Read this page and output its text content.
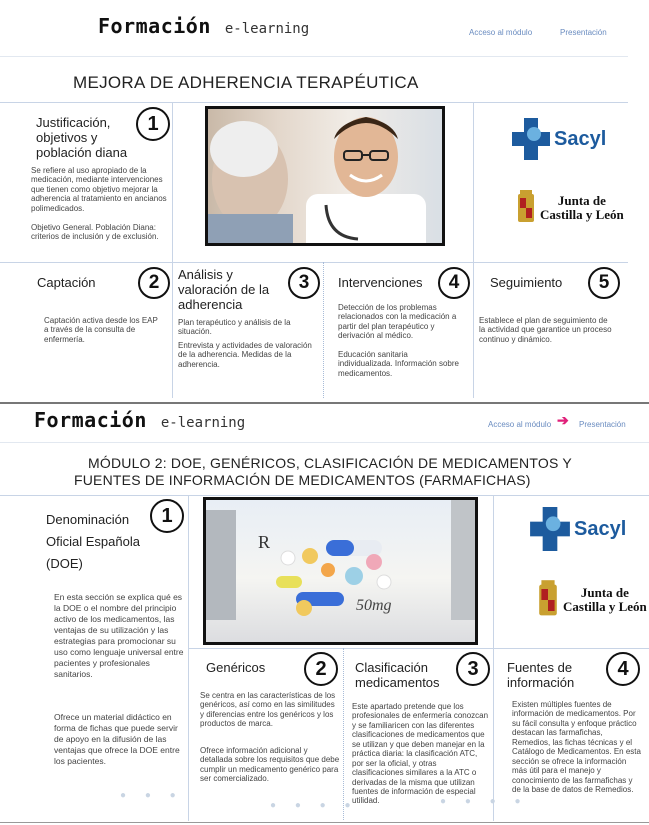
Formación e-learning	Acceso al módulo	Presentación
MEJORA DE ADHERENCIA TERAPÉUTICA
Justificación, objetivos y población diana
1
Se refiere al uso apropiado de la medicación, mediante intervenciones que tienen como objetivo mejorar la adherencia al tratamiento en ancianos polimedicados.
Objetivo General. Población Diana: criterios de inclusión y de exclusión.
Sacyl
Junta de
Castilla y León
Captación	2
Captación activa desde los EAP a través de la consulta de enfermería.
Análisis y valoración de la adherencia
3
Plan terapéutico y análisis de la situación.
Entrevista y actividades de valoración de la adherencia. Medidas de la adherencia.
Intervenciones	4
Detección de los problemas relacionados con la medicación a partir del plan terapéutico y derivación al médico.
Educación sanitaria individualizada. Información sobre medicamentos.
Seguimiento	5
Establece el plan de seguimiento de la actividad que garantice un proceso continuo y dinámico.
Formación e-learning	Acceso al módulo ➔ Presentación
MÓDULO 2: DOE, GENÉRICOS, CLASIFICACIÓN DE MEDICAMENTOS Y
FUENTES DE INFORMACIÓN DE MEDICAMENTOS (FARMAFICHAS)
Denominación Oficial Española (DOE)
1
En esta sección se explica qué es la DOE o el nombre del principio activo de los medicamentos, las ventajas de su utilización y las estrategias para promocionar su uso como lenguaje universal entre pacientes y profesionales sanitarios.
Ofrece un material didáctico en forma de fichas que puede servir de apoyo en la difusión de las ventajas que ofrece la DOE entre los pacientes.
R
50mg
Sacyl
Junta de
Castilla y León
Genéricos	2
Se centra en las características de los genéricos, así como en las similitudes y diferencias entre los genéricos y los productos de marca.
Ofrece información adicional y detallada sobre los requisitos que debe cumplir un medicamento genérico para ser comercializado.
Clasificación medicamentos
3
Este apartado pretende que los profesionales de enfermería conozcan y se familiaricen con las diferentes clasificaciones de medicamentos que se utilizan y que deben manejar en la práctica diaria: la clasificación ATC, por ser la oficial, y otras clasificaciones similares a la ATC o derivadas de la misma que utilizan fuentes de información de especial utilidad.
Fuentes de información
4
Existen múltiples fuentes de información de medicamentos. Por su fácil consulta y enfoque práctico destacan las farmafichas, Remedios, las fichas técnicas y el Catálogo de Medicamentos. En esta sección se ofrece la información más útil para el manejo y conocimiento de las farmafichas y de la base de datos de Remedios.
● ● ●
● ● ● ●	● ● ● ●
